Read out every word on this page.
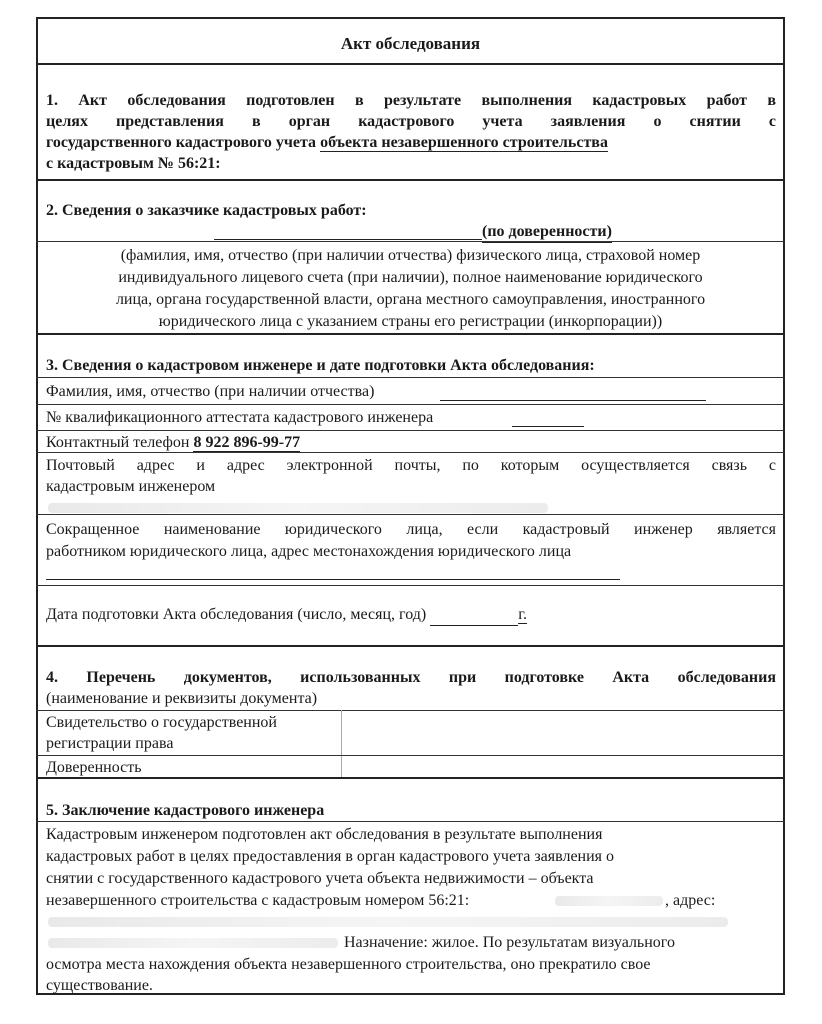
Акт обследования
1. Акт обследования подготовлен в результате выполнения кадастровых работ в
целях представления в орган кадастрового учета заявления о снятии с
государственного кадастрового учета объекта незавершенного строительства
с кадастровым № 56:21:
2. Сведения о заказчике кадастровых работ:
(по доверенности)
(фамилия, имя, отчество (при наличии отчества) физического лица, страховой номер
индивидуального лицевого счета (при наличии), полное наименование юридического
лица, органа государственной власти, органа местного самоуправления, иностранного
юридического лица с указанием страны его регистрации (инкорпорации))
3. Сведения о кадастровом инженере и дате подготовки Акта обследования:
Фамилия, имя, отчество (при наличии отчества)
№ квалификационного аттестата кадастрового инженера
Контактный телефон 8 922 896-99-77
Почтовый адрес и адрес электронной почты, по которым осуществляется связь с
кадастровым инженером
Сокращенное наименование юридического лица, если кадастровый инженер является
работником юридического лица, адрес местонахождения юридического лица
Дата подготовки Акта обследования (число, месяц, год)	г.
4. Перечень документов, использованных при подготовке Акта обследования
(наименование и реквизиты документа)
Свидетельство о государственной
регистрации права
Доверенность
5. Заключение кадастрового инженера
Кадастровым инженером подготовлен акт обследования в результате выполнения
кадастровых работ в целях предоставления в орган кадастрового учета заявления о
снятии с государственного кадастрового учета объекта недвижимости – объекта
незавершенного строительства с кадастровым номером 56:21:	, адрес:
Назначение: жилое. По результатам визуального
осмотра места нахождения объекта незавершенного строительства, оно прекратило свое
существование.
